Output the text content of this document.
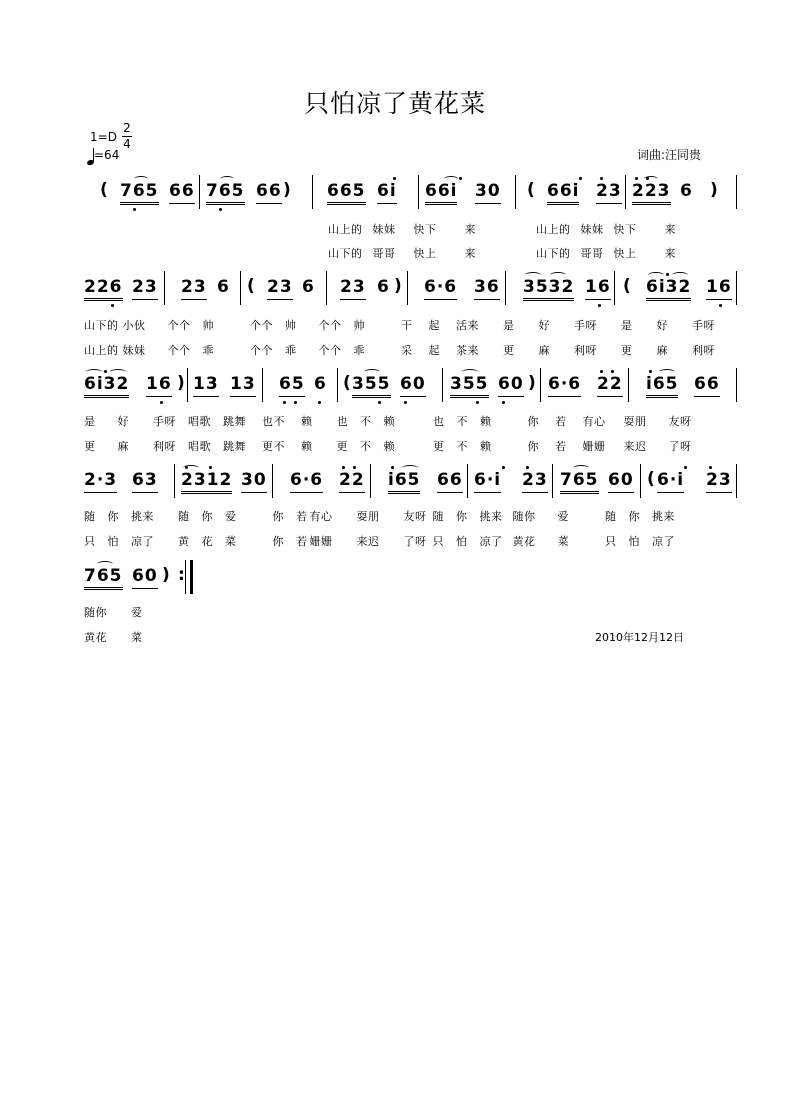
只怕凉了黄花菜
1=D
2
4
=64	词曲:汪同贵
( 765 66 765 66 ) 665 6i 66i 30 ( 66i 23 223 6 )
山上的 妹妹 快下	来	山上的 妹妹 快下	来
山下的 哥哥 快上	来	山下的 哥哥 快上	来
226 23 23 6 ( 23 6 23 6 ) 6·6 36 3532 16 ( 6i32 16
山下的 小伙 个个 帅	个个 帅 个个 帅	干 起 活来 是 好 手呀 是 好 手呀
山上的 妹妹 个个 乖	个个 乖 个个 乖	采 起 茶来 更 麻 利呀 更 麻 利呀
6i32 16 ) 13 13 65 6 ( 355 60 355 60 ) 6·6 22 i65 66
是 好 手呀 唱歌 跳舞 也不 赖 也 不 赖	也 不 赖	你 若 有心 耍朋 友呀
更 麻 利呀 唱歌 跳舞 更不 赖 更 不 赖	更 不 赖	你 若 姗姗 来迟 了呀
2·3 63 2312 30 6·6 22 i65 66 6·i 23 765 60 ( 6·i 23
随 你 挑来 随 你 爱	你 若 有心 耍朋 友呀 随 你 挑来 随你 爱	随 你 挑来
只 怕 凉了 黄 花 菜	你 若 姗姗 来迟 了呀 只 怕 凉了 黄花 菜	只 怕 凉了
765 60 ) :
随你 爱
黄花 菜	2010年12月12日
